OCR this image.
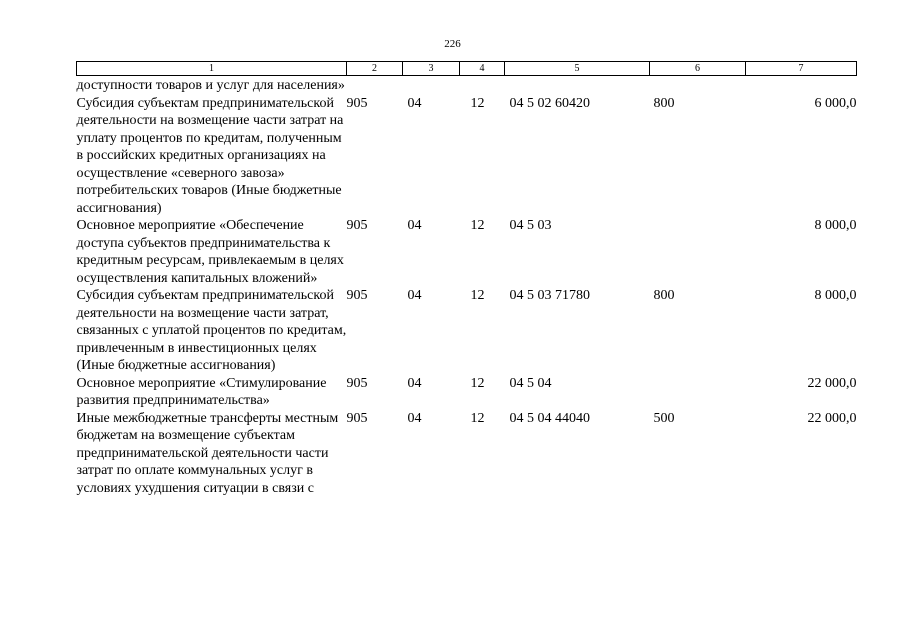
226
1	2	3	4	5	6	7
доступности товаров и услуг для населения»						
Субсидия субъектам предпринимательской деятельности на возмещение части затрат на уплату процентов по кредитам, полученным в российских кредитных организациях на осуществление «северного завоза» потребительских товаров (Иные бюджетные ассигнования)	905	04	12	04 5 02 60420	800	6 000,0
Основное мероприятие «Обеспечение доступа субъектов предпринимательства к кредитным ресурсам, привлекаемым в целях осуществления капитальных вложений»	905	04	12	04 5 03		8 000,0
Субсидия субъектам предпринимательской деятельности на возмещение части затрат, связанных с уплатой процентов по кредитам, привлеченным в инвестиционных целях (Иные бюджетные ассигнования)	905	04	12	04 5 03 71780	800	8 000,0
Основное мероприятие «Стимулирование развития предпринимательства»	905	04	12	04 5 04		22 000,0
Иные межбюджетные трансферты местным бюджетам на возмещение субъектам предпринимательской деятельности части затрат по оплате коммунальных услуг в условиях ухудшения ситуации в связи с	905	04	12	04 5 04 44040	500	22 000,0
